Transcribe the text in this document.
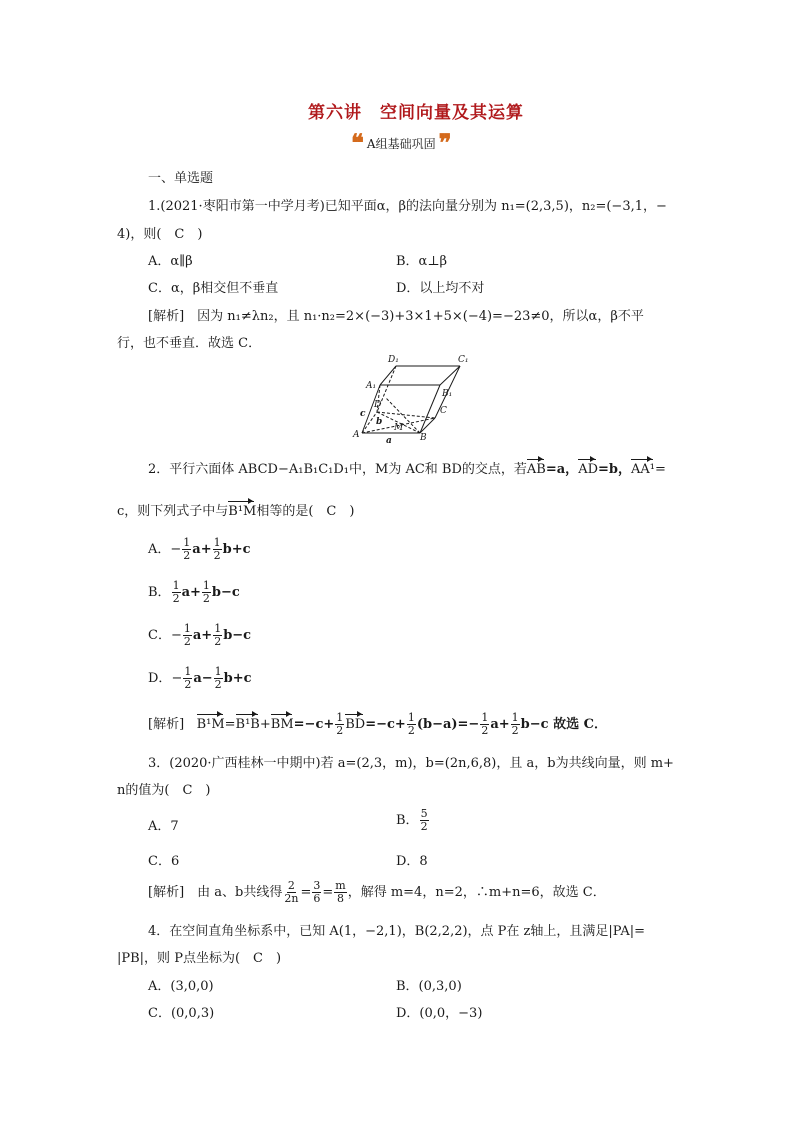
第六讲　空间向量及其运算
❝ A组基础巩固 ❞
一、单选题
1.(2021·枣阳市第一中学月考)已知平面α，β的法向量分别为 n₁=(2,3,5)，n₂=(−3,1，−
4)，则(　C　)
A．α∥β	B．α⊥β
C．α，β相交但不垂直	D．以上均不对
[解析]　因为 n₁≠λn₂，且 n₁·n₂=2×(−3)+3×1+5×(−4)=−23≠0，所以α，β不平
行，也不垂直．故选 C．
D₁	C₁
A₁
B₁
D
C
A	B
M
a
b
c
2．平行六面体 ABCD−A₁B₁C₁D₁中，M为 AC和 BD的交点，若AB=a，AD=b，AA¹=
c，则下列式子中与B¹M相等的是(　C　)
A．− $\frac{1}{2} a+ \frac{1}{2} b+c$
B． $\frac{1}{2} a+ \frac{1}{2} b-c$
C．− $\frac{1}{2} a+ \frac{1}{2} b-c$
D．− $\frac{1}{2} a- \frac{1}{2} b+c$
[解析] $B^1M=B^1B+BM=-c+ \frac{1}{2} BD=-c+ \frac{1}{2} (b-a)=- \frac{1}{2} a+ \frac{1}{2} b-c$ 故选 C．
3．(2020·广西桂林一中期中)若 a=(2,3，m)，b=(2n,6,8)，且 a，b为共线向量，则 m+
n的值为(　C　)
A．7	B． $\frac{5}{2}$
C．6	D．8
[解析]　由 a、b共线得 $\frac{2}{2n} = \frac{3}{6} = \frac{m}{8}$ ，解得 m=4，n=2，∴m+n=6，故选 C．
4．在空间直角坐标系中，已知 A(1，−2,1)，B(2,2,2)，点 P在 z轴上，且满足|PA|=
|PB|，则 P点坐标为(　C　)
A．(3,0,0)	B．(0,3,0)
C．(0,0,3)	D．(0,0，−3)
